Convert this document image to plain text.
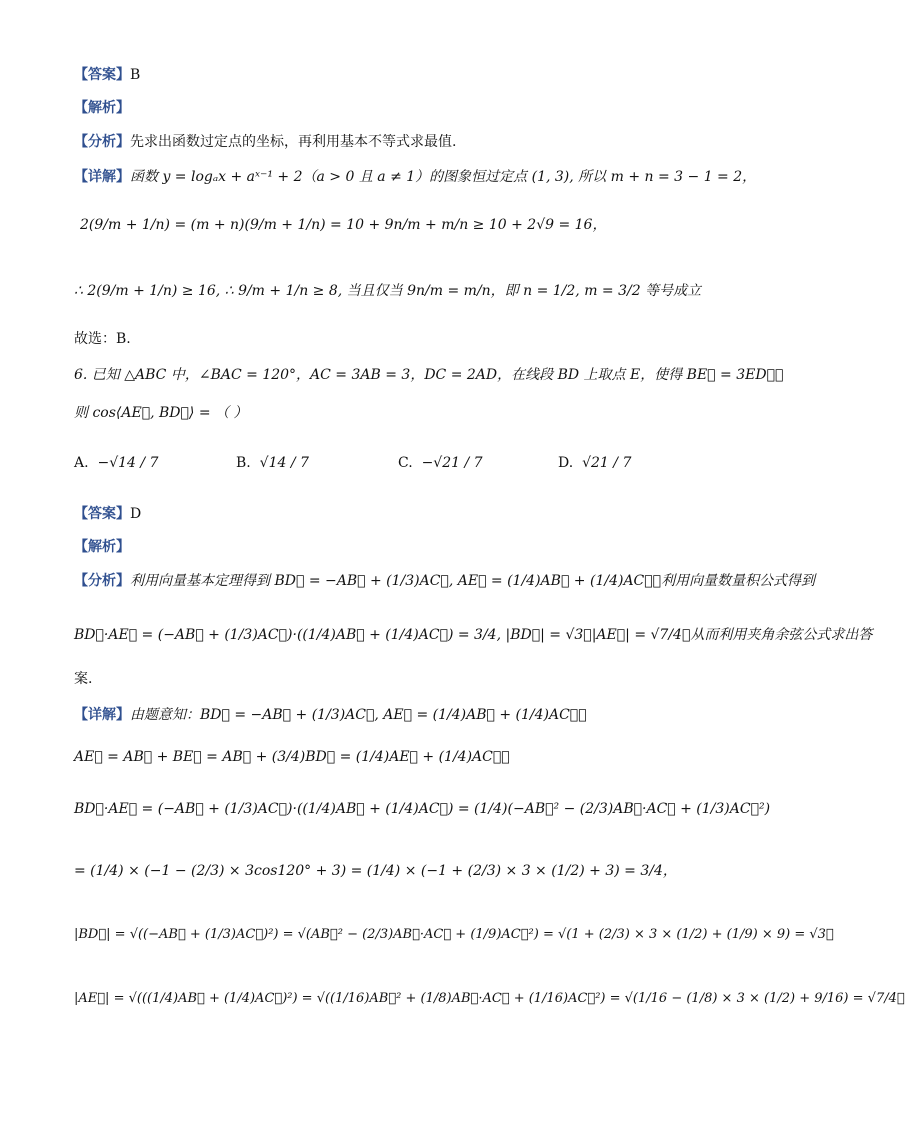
【答案】B
【解析】
【分析】先求出函数过定点的坐标，再利用基本不等式求最值.
【详解】函数 y = logₐx + aˣ⁻¹ + 2（a > 0 且 a ≠ 1）的图象恒过定点 (1, 3), 所以 m + n = 3 − 1 = 2，
2(9/m + 1/n) = (m + n)(9/m + 1/n) = 10 + 9n/m + m/n ≥ 10 + 2√9 = 16，
∴ 2(9/m + 1/n) ≥ 16, ∴ 9/m + 1/n ≥ 8, 当且仅当 9n/m = m/n，即 n = 1/2, m = 3/2 等号成立
故选：B.
6. 已知 △ABC 中，∠BAC = 120°，AC = 3AB = 3，DC = 2AD，在线段 BD 上取点 E，使得 BE⃗ = 3ED⃗，
则 cos⟨AE⃗, BD⃗⟩ = （ ）
A. −√14 / 7	B. √14 / 7	C. −√21 / 7	D. √21 / 7
【答案】D
【解析】
【分析】利用向量基本定理得到 BD⃗ = −AB⃗ + (1/3)AC⃗, AE⃗ = (1/4)AB⃗ + (1/4)AC⃗，利用向量数量积公式得到
BD⃗·AE⃗ = (−AB⃗ + (1/3)AC⃗)·((1/4)AB⃗ + (1/4)AC⃗) = 3/4, |BD⃗| = √3，|AE⃗| = √7/4，从而利用夹角余弦公式求出答
案.
【详解】由题意知：BD⃗ = −AB⃗ + (1/3)AC⃗, AE⃗ = (1/4)AB⃗ + (1/4)AC⃗，
AE⃗ = AB⃗ + BE⃗ = AB⃗ + (3/4)BD⃗ = (1/4)AE⃗ + (1/4)AC⃗，
BD⃗·AE⃗ = (−AB⃗ + (1/3)AC⃗)·((1/4)AB⃗ + (1/4)AC⃗) = (1/4)(−AB⃗² − (2/3)AB⃗·AC⃗ + (1/3)AC⃗²)
= (1/4) × (−1 − (2/3) × 3cos120° + 3) = (1/4) × (−1 + (2/3) × 3 × (1/2) + 3) = 3/4，
|BD⃗| = √((−AB⃗ + (1/3)AC⃗)²) = √(AB⃗² − (2/3)AB⃗·AC⃗ + (1/9)AC⃗²) = √(1 + (2/3) × 3 × (1/2) + (1/9) × 9) = √3，
|AE⃗| = √(((1/4)AB⃗ + (1/4)AC⃗)²) = √((1/16)AB⃗² + (1/8)AB⃗·AC⃗ + (1/16)AC⃗²) = √(1/16 − (1/8) × 3 × (1/2) + 9/16) = √7/4，
